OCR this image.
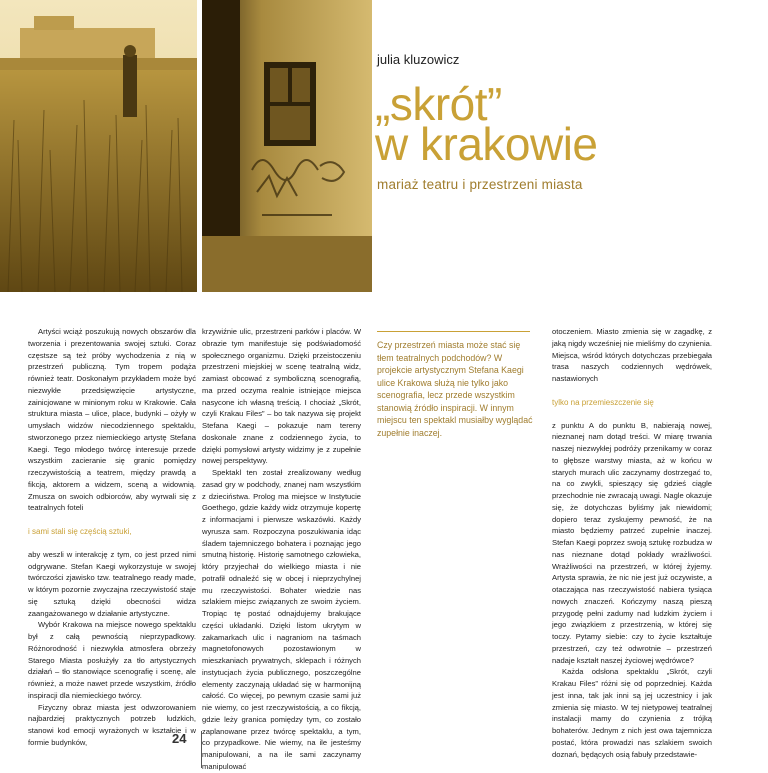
julia kluzowicz
„skrót”
w krakowie
mariaż teatru i przestrzeni miasta

Artyści wciąż poszukują nowych obszarów dla tworzenia i prezentowania swojej sztuki. Coraz częstsze są też próby wychodzenia z nią w przestrzeń publiczną. Tym tropem podąża również teatr. Doskonałym przykładem może być niezwykłe przedsięwzięcie artystyczne, zainicjowane w minionym roku w Krakowie. Cała struktura miasta – ulice, place, budynki – ożyły w umysłach widzów niecodziennego spektaklu, stworzonego przez niemieckiego artystę Stefana Kaegi. Tego młodego twórcę interesuje przede wszystkim zacieranie się granic pomiędzy rzeczywistością a teatrem, między prawdą a fikcją, aktorem a widzem, sceną a widownią. Zmusza on swoich odbiorców, aby wyrwali się z teatralnych foteli

i sami stali się częścią sztuki,

aby weszli w interakcję z tym, co jest przed nimi odgrywane. Stefan Kaegi wykorzystuje w swojej twórczości zjawisko tzw. teatralnego ready made, w którym pozornie zwyczajna rzeczywistość staje się sztuką dzięki obecności widza zaangażowanego w działanie artystyczne.

Wybór Krakowa na miejsce nowego spektaklu był z całą pewnością nieprzypadkowy. Różnorodność i niezwykła atmosfera obrzeży Starego Miasta posłużyły za tło artystycznych działań – tło stanowiące scenografię i scenę, ale również, a może nawet przede wszystkim, źródło inspiracji dla niemieckiego twórcy.

Fizyczny obraz miasta jest odwzorowaniem najbardziej praktycznych potrzeb ludzkich, stanowi kod emocji wyrażonych w kształcie i w formie budynków,

krzywiźnie ulic, przestrzeni parków i placów. W obrazie tym manifestuje się podświadomość społecznego organizmu. Dzięki przeistoczeniu przestrzeni miejskiej w scenę teatralną widz, zamiast obcować z symboliczną scenografią, ma przed oczyma realnie istniejące miejsca nasycone ich własną treścią. I chociaż „Skrót, czyli Krakau Files” – bo tak nazywa się projekt Stefana Kaegi – pokazuje nam tereny doskonale znane z codziennego życia, to dzięki pomysłowi artysty widzimy je z zupełnie nowej perspektywy.

Spektakl ten został zrealizowany według zasad gry w podchody, znanej nam wszystkim z dzieciństwa. Prolog ma miejsce w Instytucie Goethego, gdzie każdy widz otrzymuje kopertę z informacjami i pierwsze wskazówki. Każdy wyrusza sam. Rozpoczyna poszukiwania idąc śladem tajemniczego bohatera i poznając jego smutną historię. Historię samotnego człowieka, który przyjechał do wielkiego miasta i nie potrafił odnaleźć się w obcej i nieprzychylnej mu rzeczywistości. Bohater wiedzie nas szlakiem miejsc związanych ze swoim życiem. Tropiąc tę postać odnajdujemy brakujące części układanki. Dzięki listom ukrytym w zakamarkach ulic i nagraniom na taśmach magnetofonowych pozostawionym w mieszkaniach prywatnych, sklepach i różnych instytucjach życia publicznego, poszczególne elementy zaczynają układać się w harmonijną całość. Co więcej, po pewnym czasie sami już nie wiemy, co jest rzeczywistością, a co fikcją, gdzie leży granica pomiędzy tym, co zostało zaplanowane przez twórcę spektaklu, a tym, co przypadkowe. Nie wiemy, na ile jesteśmy manipulowani, a na ile sami zaczynamy manipulować

Czy przestrzeń miasta może stać się tłem teatralnych podchodów? W projekcie artystycznym Stefana Kaegi ulice Krakowa służą nie tylko jako scenografia, lecz przede wszystkim stanowią źródło inspiracji. W innym miejscu ten spektakl musiałby wyglądać zupełnie inaczej.

otoczeniem. Miasto zmienia się w zagadkę, z jaką nigdy wcześniej nie mieliśmy do czynienia. Miejsca, wśród których dotychczas przebiegała trasa naszych codziennych wędrówek, nastawionych

tylko na przemieszczenie się

z punktu A do punktu B, nabierają nowej, nieznanej nam dotąd treści. W miarę trwania naszej niezwykłej podróży przenikamy w coraz to głębsze warstwy miasta, aż w końcu w starych murach ulic zaczynamy dostrzegać to, na co zwykli, spieszący się gdzieś ciągle przechodnie nie zwracają uwagi. Nagle okazuje się, że dotychczas byliśmy jak niewidomi; dopiero teraz zyskujemy pewność, że na miasto będziemy patrzeć zupełnie inaczej. Stefan Kaegi poprzez swoją sztukę rozbudza w nas nieznane dotąd pokłady wrażliwości. Wrażliwości na przestrzeń, w której żyjemy. Artysta sprawia, że nic nie jest już oczywiste, a otaczająca nas rzeczywistość nabiera tysiąca nowych znaczeń. Kończymy naszą pieszą przygodę pełni zadumy nad ludzkim życiem i jego związkiem z przestrzenią, w której się toczy. Pytamy siebie: czy to życie kształtuje przestrzeń, czy też odwrotnie – przestrzeń nadaje kształt naszej życiowej wędrówce?

Każda odsłona spektaklu „Skrót, czyli Krakau Files” różni się od poprzedniej. Każda jest inna, tak jak inni są jej uczestnicy i jak zmienia się miasto. W tej nietypowej teatralnej instalacji mamy do czynienia z trójką bohaterów. Jednym z nich jest owa tajemnicza postać, która prowadzi nas szlakiem swoich doznań, będących osią fabuły przedstawie-

24
